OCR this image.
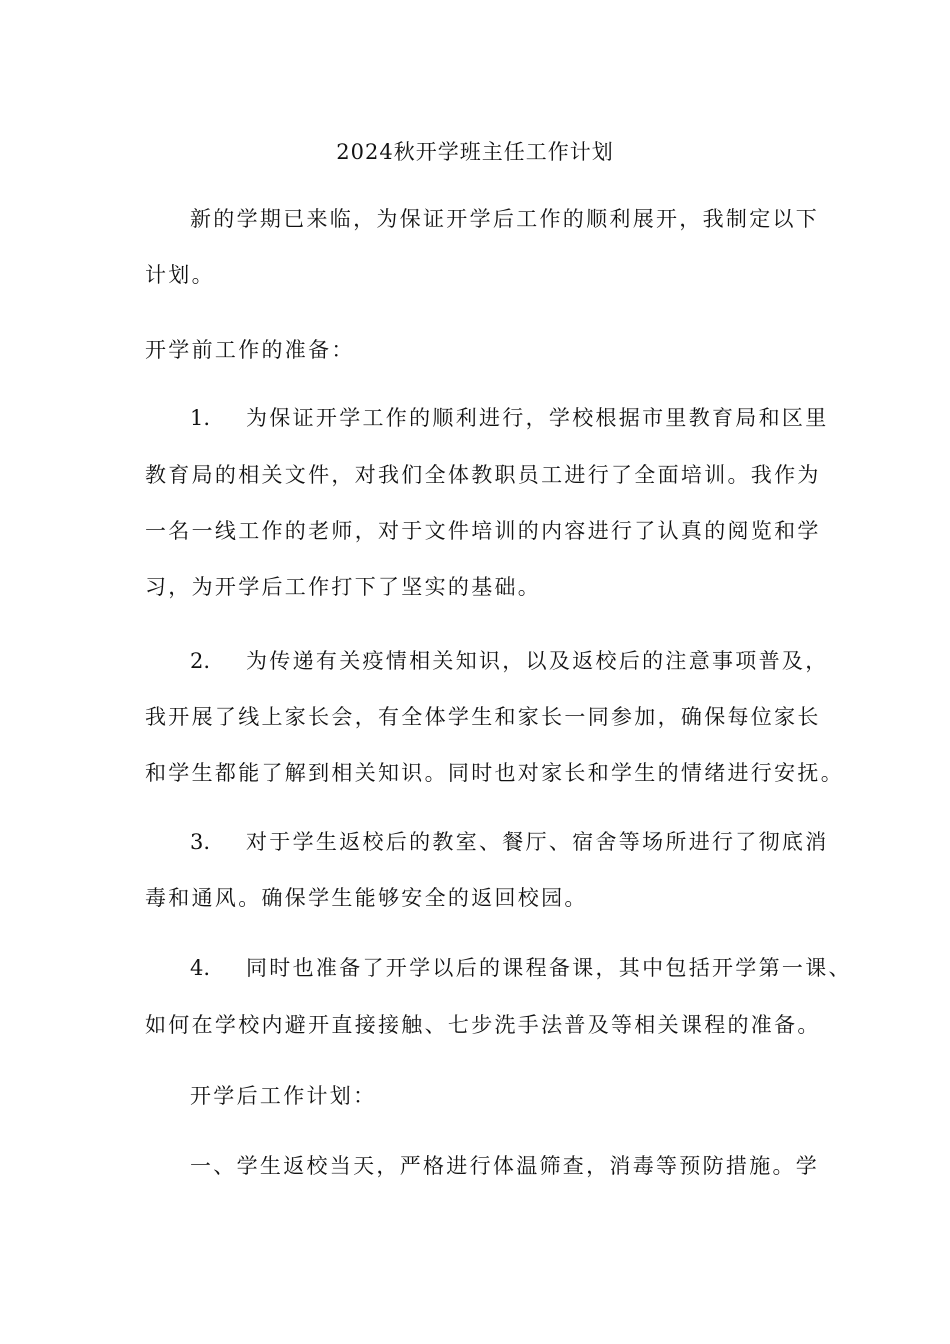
2024秋开学班主任工作计划
新的学期已来临，为保证开学后工作的顺利展开，我制定以下
计划。
开学前工作的准备：
1. 为保证开学工作的顺利进行，学校根据市里教育局和区里
教育局的相关文件，对我们全体教职员工进行了全面培训。我作为
一名一线工作的老师，对于文件培训的内容进行了认真的阅览和学
习，为开学后工作打下了坚实的基础。
2. 为传递有关疫情相关知识，以及返校后的注意事项普及，
我开展了线上家长会，有全体学生和家长一同参加，确保每位家长
和学生都能了解到相关知识。同时也对家长和学生的情绪进行安抚。
3. 对于学生返校后的教室、餐厅、宿舍等场所进行了彻底消
毒和通风。确保学生能够安全的返回校园。
4. 同时也准备了开学以后的课程备课，其中包括开学第一课、
如何在学校内避开直接接触、七步洗手法普及等相关课程的准备。
开学后工作计划：
一、学生返校当天，严格进行体温筛查，消毒等预防措施。学
